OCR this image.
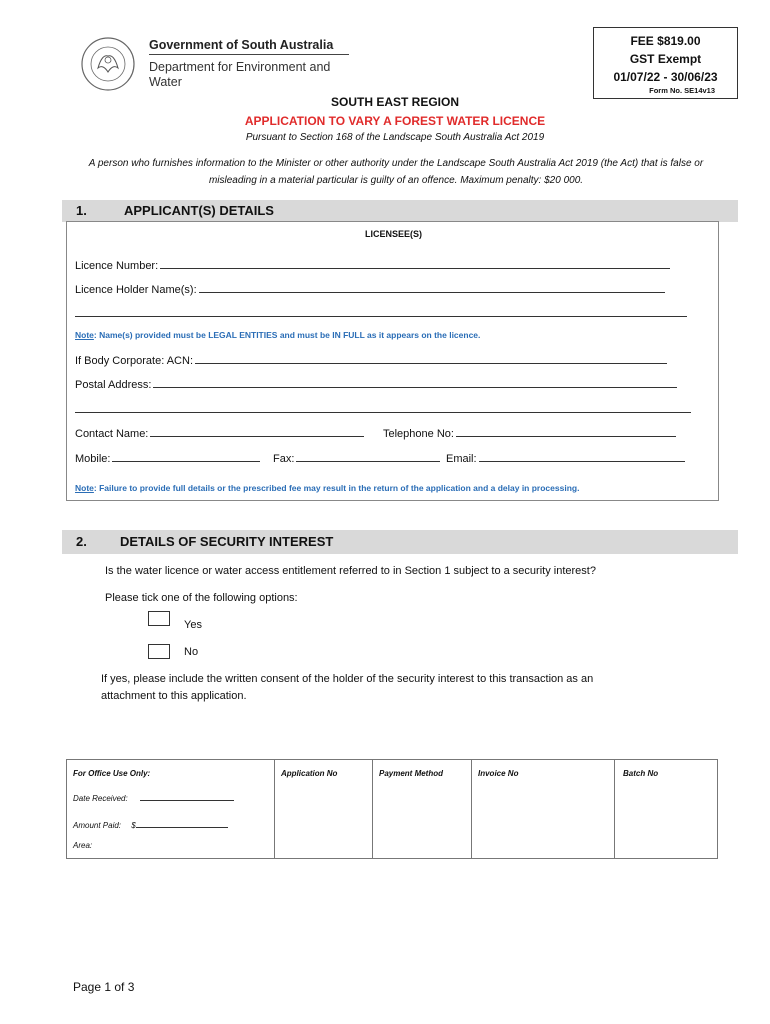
Government of South Australia
Department for Environment and Water
FEE $819.00
GST Exempt
01/07/22 - 30/06/23
Form No. SE14v13
SOUTH EAST REGION
APPLICATION TO VARY A FOREST WATER LICENCE
Pursuant to Section 168 of the Landscape South Australia Act 2019
A person who furnishes information to the Minister or other authority under the Landscape South Australia Act 2019 (the Act) that is false or misleading in a material particular is guilty of an offence. Maximum penalty: $20 000.
1.	APPLICANT(S) DETAILS
LICENSEE(S)
Licence Number:
Licence Holder Name(s):
Note: Name(s) provided must be LEGAL ENTITIES and must be IN FULL as it appears on the licence.
If Body Corporate: ACN:
Postal Address:
Contact Name:	Telephone No:
Mobile:	Fax:	Email:
Note: Failure to provide full details or the prescribed fee may result in the return of the application and a delay in processing.
2.	DETAILS OF SECURITY INTEREST
Is the water licence or water access entitlement referred to in Section 1 subject to a security interest?
Please tick one of the following options:
Yes
No
If yes, please include the written consent of the holder of the security interest to this transaction as an
attachment to this application.
For Office Use Only:
Date Received:
Amount Paid: $
Area:
Application No	Payment Method	Invoice No	Batch No
Page 1 of 3
